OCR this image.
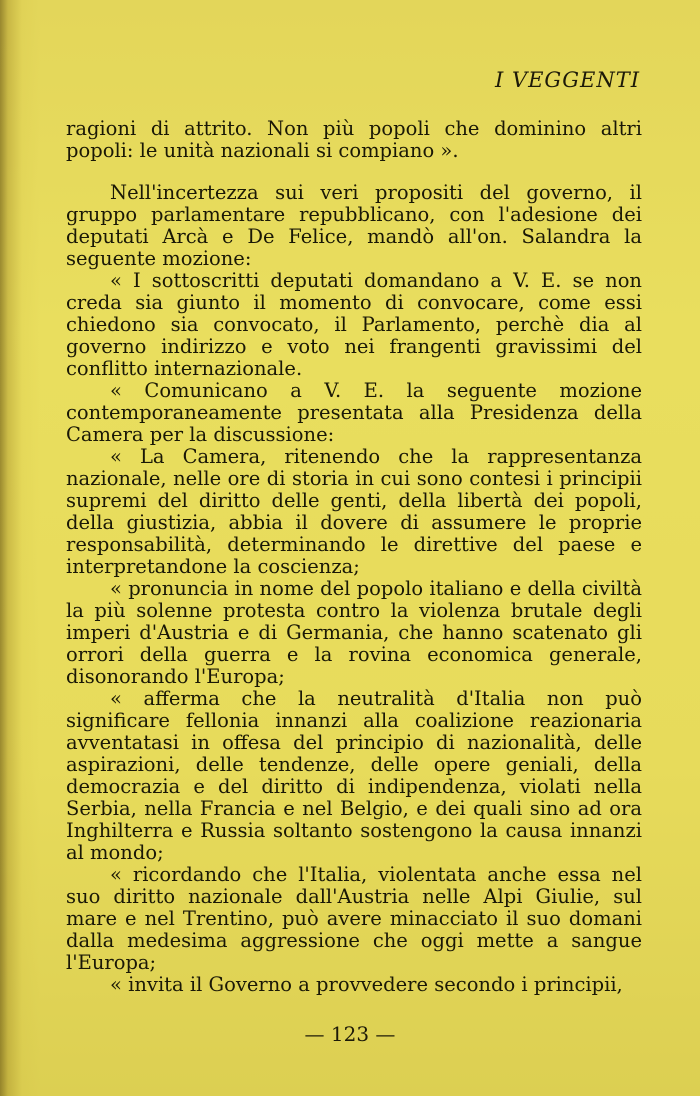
I VEGGENTI

ragioni di attrito. Non più popoli che dominino altri popoli: le unità nazionali si compiano ».

Nell'incertezza sui veri propositi del governo, il gruppo parlamentare repubblicano, con l'adesione dei deputati Arcà e De Felice, mandò all'on. Salandra la seguente mozione:

« I sottoscritti deputati domandano a V. E. se non creda sia giunto il momento di convocare, come essi chiedono sia convocato, il Parlamento, perchè dia al governo indirizzo e voto nei frangenti gravissimi del conflitto internazionale.

« Comunicano a V. E. la seguente mozione contemporaneamente presentata alla Presidenza della Camera per la discussione:

« La Camera, ritenendo che la rappresentanza nazionale, nelle ore di storia in cui sono contesi i principii supremi del diritto delle genti, della libertà dei popoli, della giustizia, abbia il dovere di assumere le proprie responsabilità, determinando le direttive del paese e interpretandone la coscienza;

« pronuncia in nome del popolo italiano e della civiltà la più solenne protesta contro la violenza brutale degli imperi d'Austria e di Germania, che hanno scatenato gli orrori della guerra e la rovina economica generale, disonorando l'Europa;

« afferma che la neutralità d'Italia non può significare fellonia innanzi alla coalizione reazionaria avventatasi in offesa del principio di nazionalità, delle aspirazioni, delle tendenze, delle opere geniali, della democrazia e del diritto di indipendenza, violati nella Serbia, nella Francia e nel Belgio, e dei quali sino ad ora Inghilterra e Russia soltanto sostengono la causa innanzi al mondo;

« ricordando che l'Italia, violentata anche essa nel suo diritto nazionale dall'Austria nelle Alpi Giulie, sul mare e nel Trentino, può avere minacciato il suo domani dalla medesima aggressione che oggi mette a sangue l'Europa;

« invita il Governo a provvedere secondo i principii,

— 123 —
